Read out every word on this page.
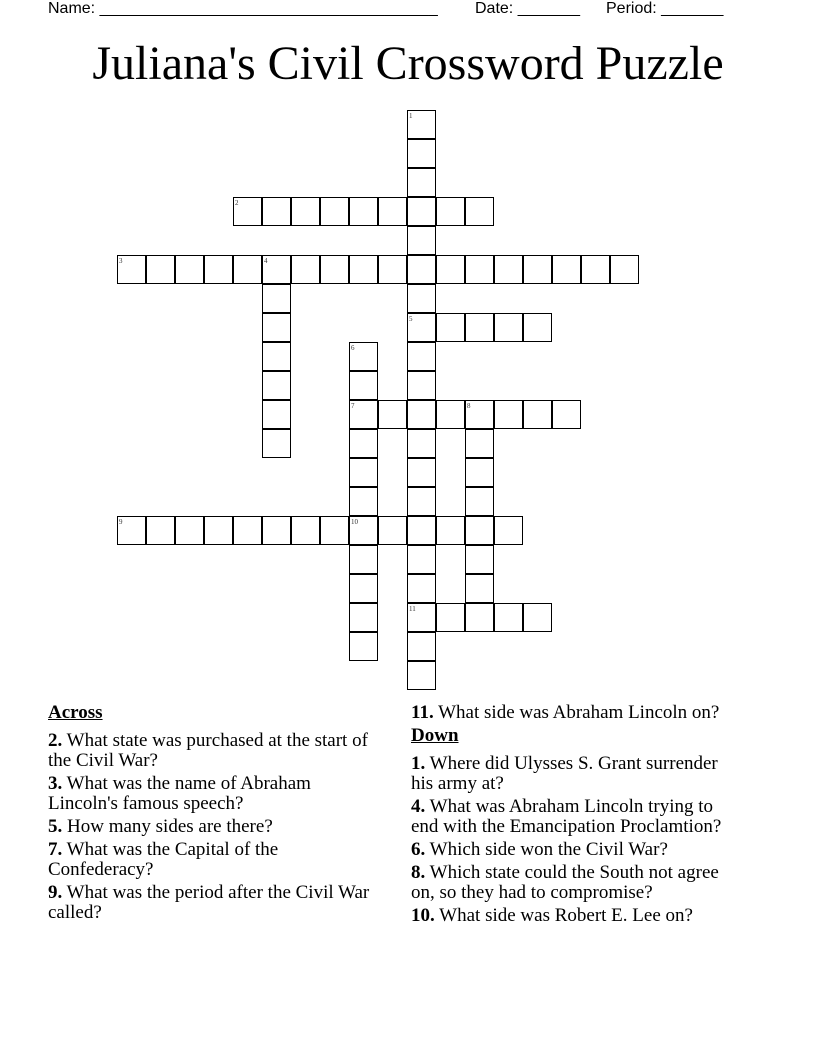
Name: ______________________________________ Date: _______ Period: _______
Juliana's Civil Crossword Puzzle
1
2
3	4
5
6
7	8
9	10
11
Across
2. What state was purchased at the start of the Civil War?
3. What was the name of Abraham Lincoln's famous speech?
5. How many sides are there?
7. What was the Capital of the Confederacy?
9. What was the period after the Civil War called?
11. What side was Abraham Lincoln on?
Down
1. Where did Ulysses S. Grant surrender his army at?
4. What was Abraham Lincoln trying to end with the Emancipation Proclamtion?
6. Which side won the Civil War?
8. Which state could the South not agree on, so they had to compromise?
10. What side was Robert E. Lee on?
